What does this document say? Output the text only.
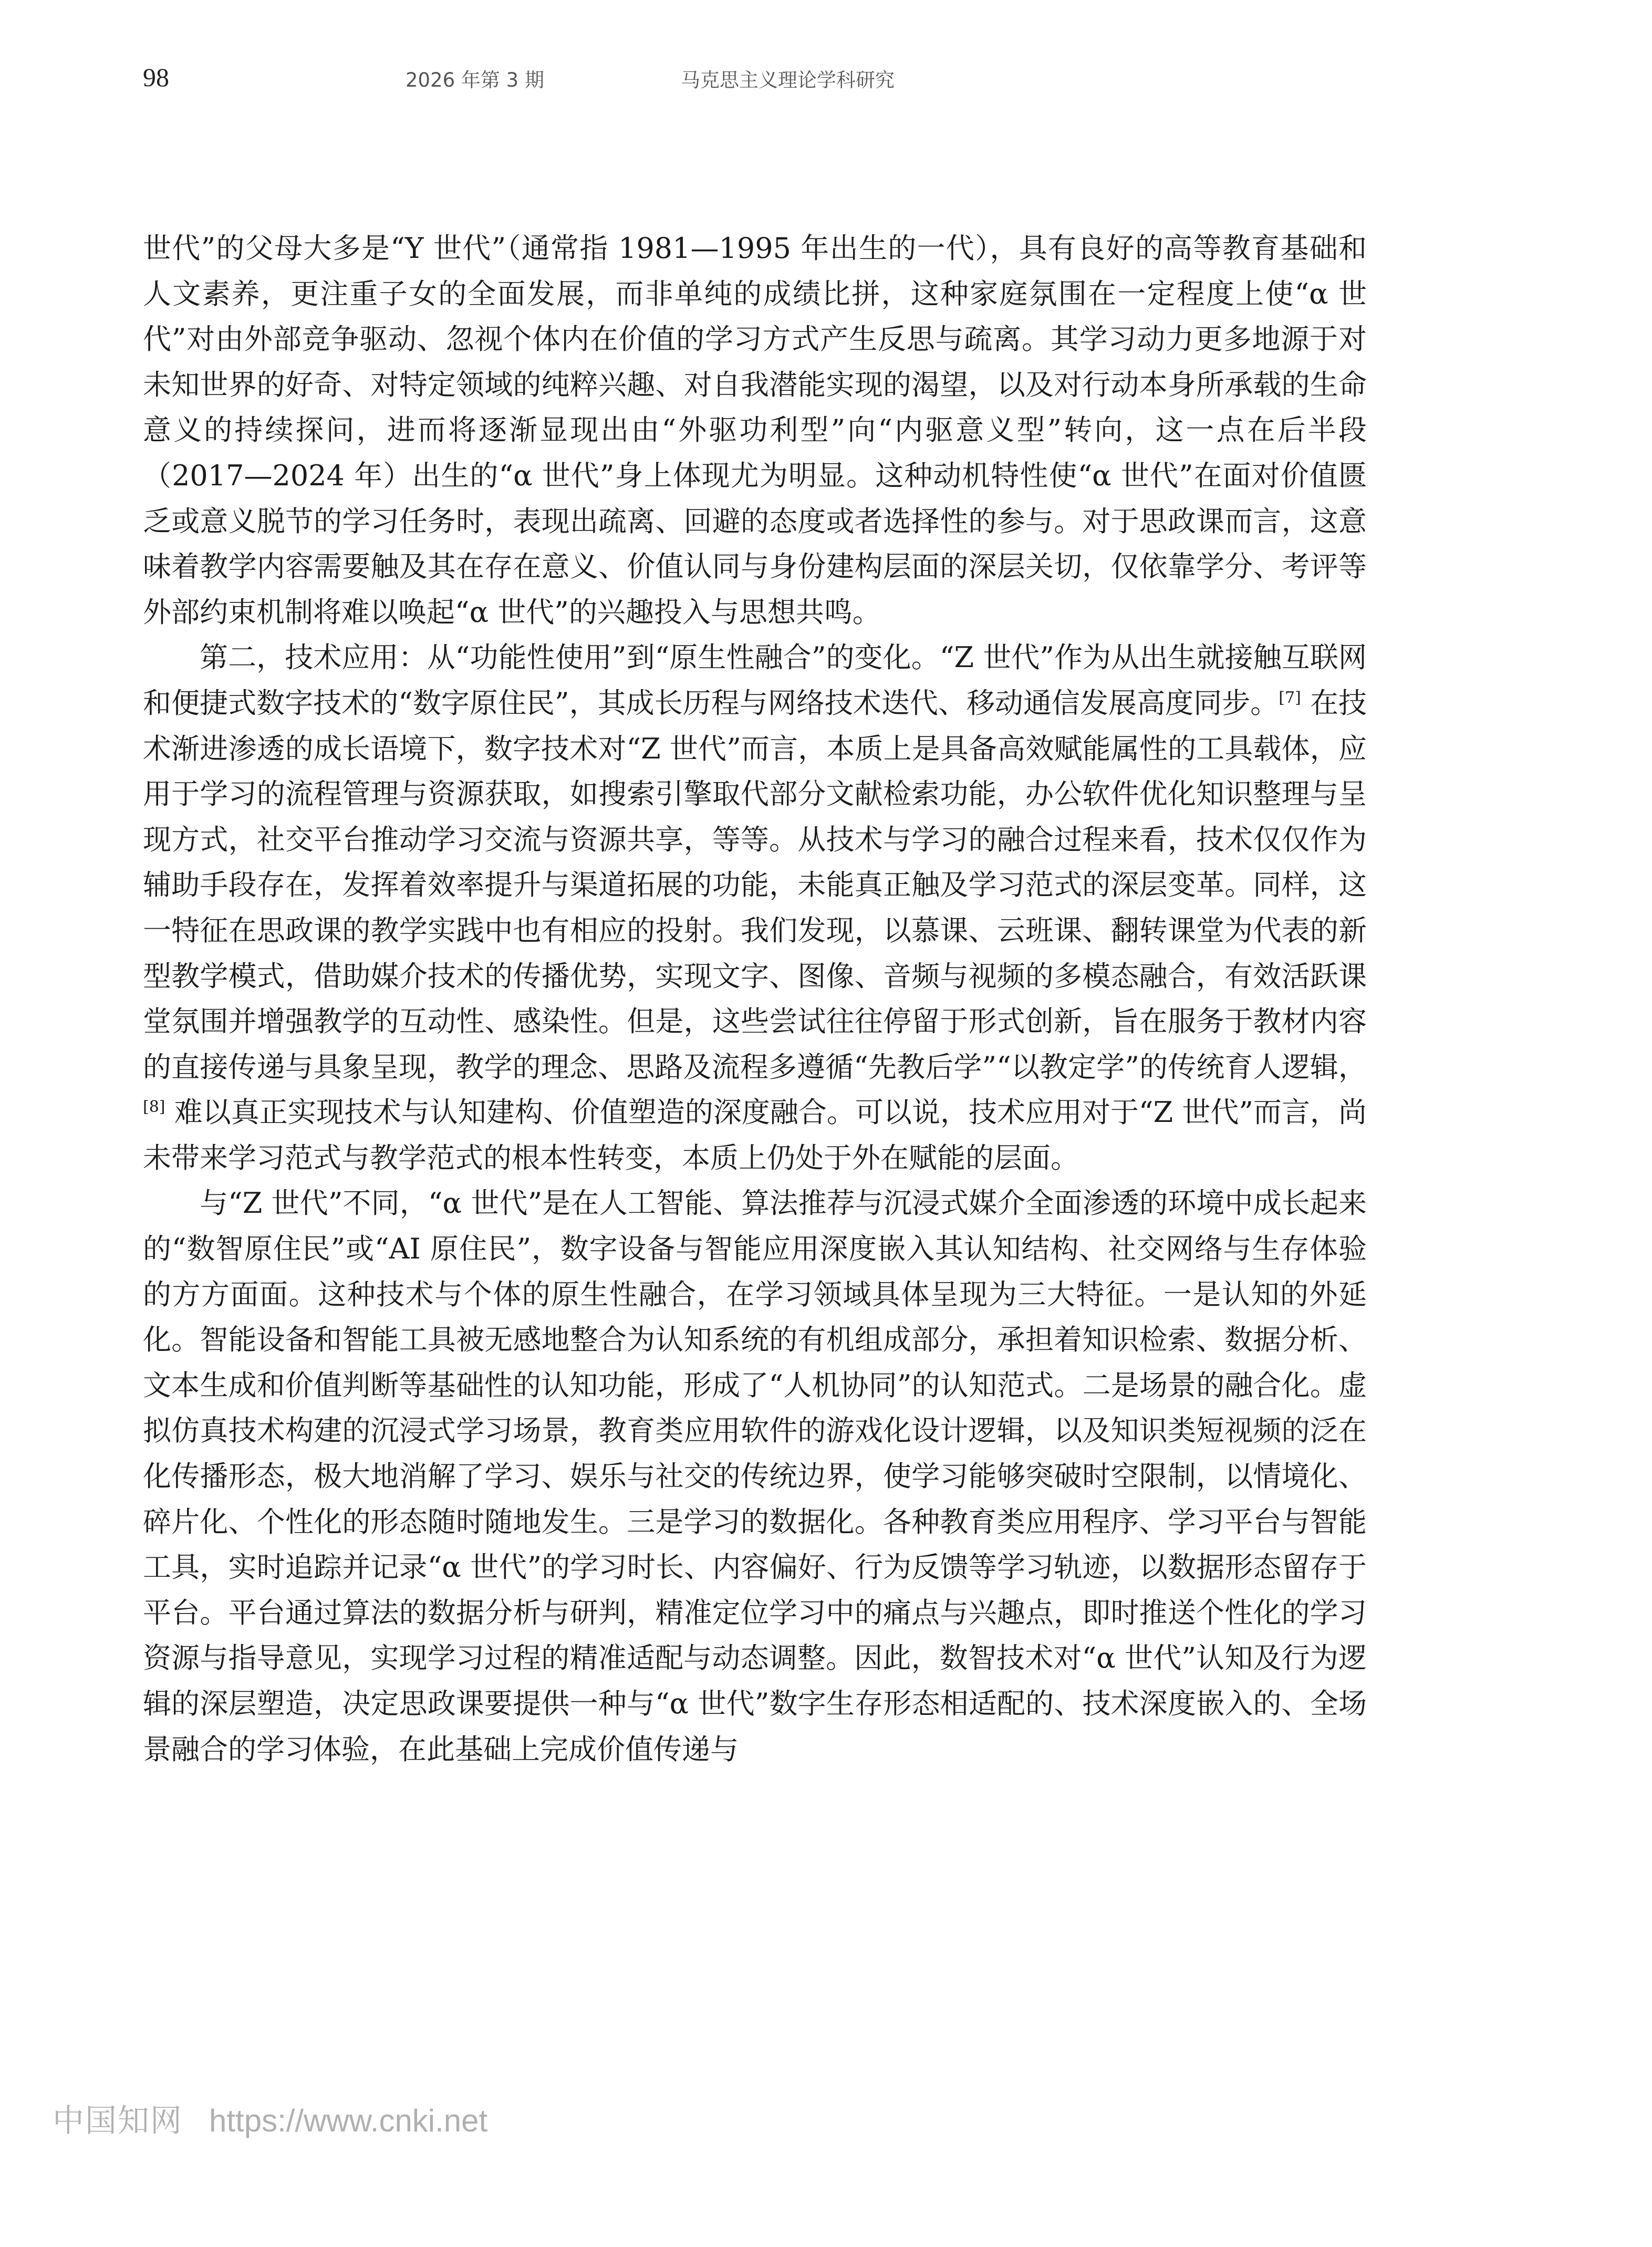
98	2026 年第 3 期	马克思主义理论学科研究

世代”的父母大多是“Y 世代”（通常指 1981—1995 年出生的一代），具有良好的高等教育基础和人文素养，更注重子女的全面发展，而非单纯的成绩比拼，这种家庭氛围在一定程度上使“α 世代”对由外部竞争驱动、忽视个体内在价值的学习方式产生反思与疏离。其学习动力更多地源于对未知世界的好奇、对特定领域的纯粹兴趣、对自我潜能实现的渴望，以及对行动本身所承载的生命意义的持续探问，进而将逐渐显现出由“外驱功利型”向“内驱意义型”转向，这一点在后半段（2017—2024 年）出生的“α 世代”身上体现尤为明显。这种动机特性使“α 世代”在面对价值匮乏或意义脱节的学习任务时，表现出疏离、回避的态度或者选择性的参与。对于思政课而言，这意味着教学内容需要触及其在存在意义、价值认同与身份建构层面的深层关切，仅依靠学分、考评等外部约束机制将难以唤起“α 世代”的兴趣投入与思想共鸣。

第二，技术应用：从“功能性使用”到“原生性融合”的变化。“Z 世代”作为从出生就接触互联网和便捷式数字技术的“数字原住民”，其成长历程与网络技术迭代、移动通信发展高度同步。[7] 在技术渐进渗透的成长语境下，数字技术对“Z 世代”而言，本质上是具备高效赋能属性的工具载体，应用于学习的流程管理与资源获取，如搜索引擎取代部分文献检索功能，办公软件优化知识整理与呈现方式，社交平台推动学习交流与资源共享，等等。从技术与学习的融合过程来看，技术仅仅作为辅助手段存在，发挥着效率提升与渠道拓展的功能，未能真正触及学习范式的深层变革。同样，这一特征在思政课的教学实践中也有相应的投射。我们发现，以慕课、云班课、翻转课堂为代表的新型教学模式，借助媒介技术的传播优势，实现文字、图像、音频与视频的多模态融合，有效活跃课堂氛围并增强教学的互动性、感染性。但是，这些尝试往往停留于形式创新，旨在服务于教材内容的直接传递与具象呈现，教学的理念、思路及流程多遵循“先教后学”“以教定学”的传统育人逻辑，[8] 难以真正实现技术与认知建构、价值塑造的深度融合。可以说，技术应用对于“Z 世代”而言，尚未带来学习范式与教学范式的根本性转变，本质上仍处于外在赋能的层面。

与“Z 世代”不同，“α 世代”是在人工智能、算法推荐与沉浸式媒介全面渗透的环境中成长起来的“数智原住民”或“AI 原住民”，数字设备与智能应用深度嵌入其认知结构、社交网络与生存体验的方方面面。这种技术与个体的原生性融合，在学习领域具体呈现为三大特征。一是认知的外延化。智能设备和智能工具被无感地整合为认知系统的有机组成部分，承担着知识检索、数据分析、文本生成和价值判断等基础性的认知功能，形成了“人机协同”的认知范式。二是场景的融合化。虚拟仿真技术构建的沉浸式学习场景，教育类应用软件的游戏化设计逻辑，以及知识类短视频的泛在化传播形态，极大地消解了学习、娱乐与社交的传统边界，使学习能够突破时空限制，以情境化、碎片化、个性化的形态随时随地发生。三是学习的数据化。各种教育类应用程序、学习平台与智能工具，实时追踪并记录“α 世代”的学习时长、内容偏好、行为反馈等学习轨迹，以数据形态留存于平台。平台通过算法的数据分析与研判，精准定位学习中的痛点与兴趣点，即时推送个性化的学习资源与指导意见，实现学习过程的精准适配与动态调整。因此，数智技术对“α 世代”认知及行为逻辑的深层塑造，决定思政课要提供一种与“α 世代”数字生存形态相适配的、技术深度嵌入的、全场景融合的学习体验，在此基础上完成价值传递与

中国知网 https://www.cnki.net
